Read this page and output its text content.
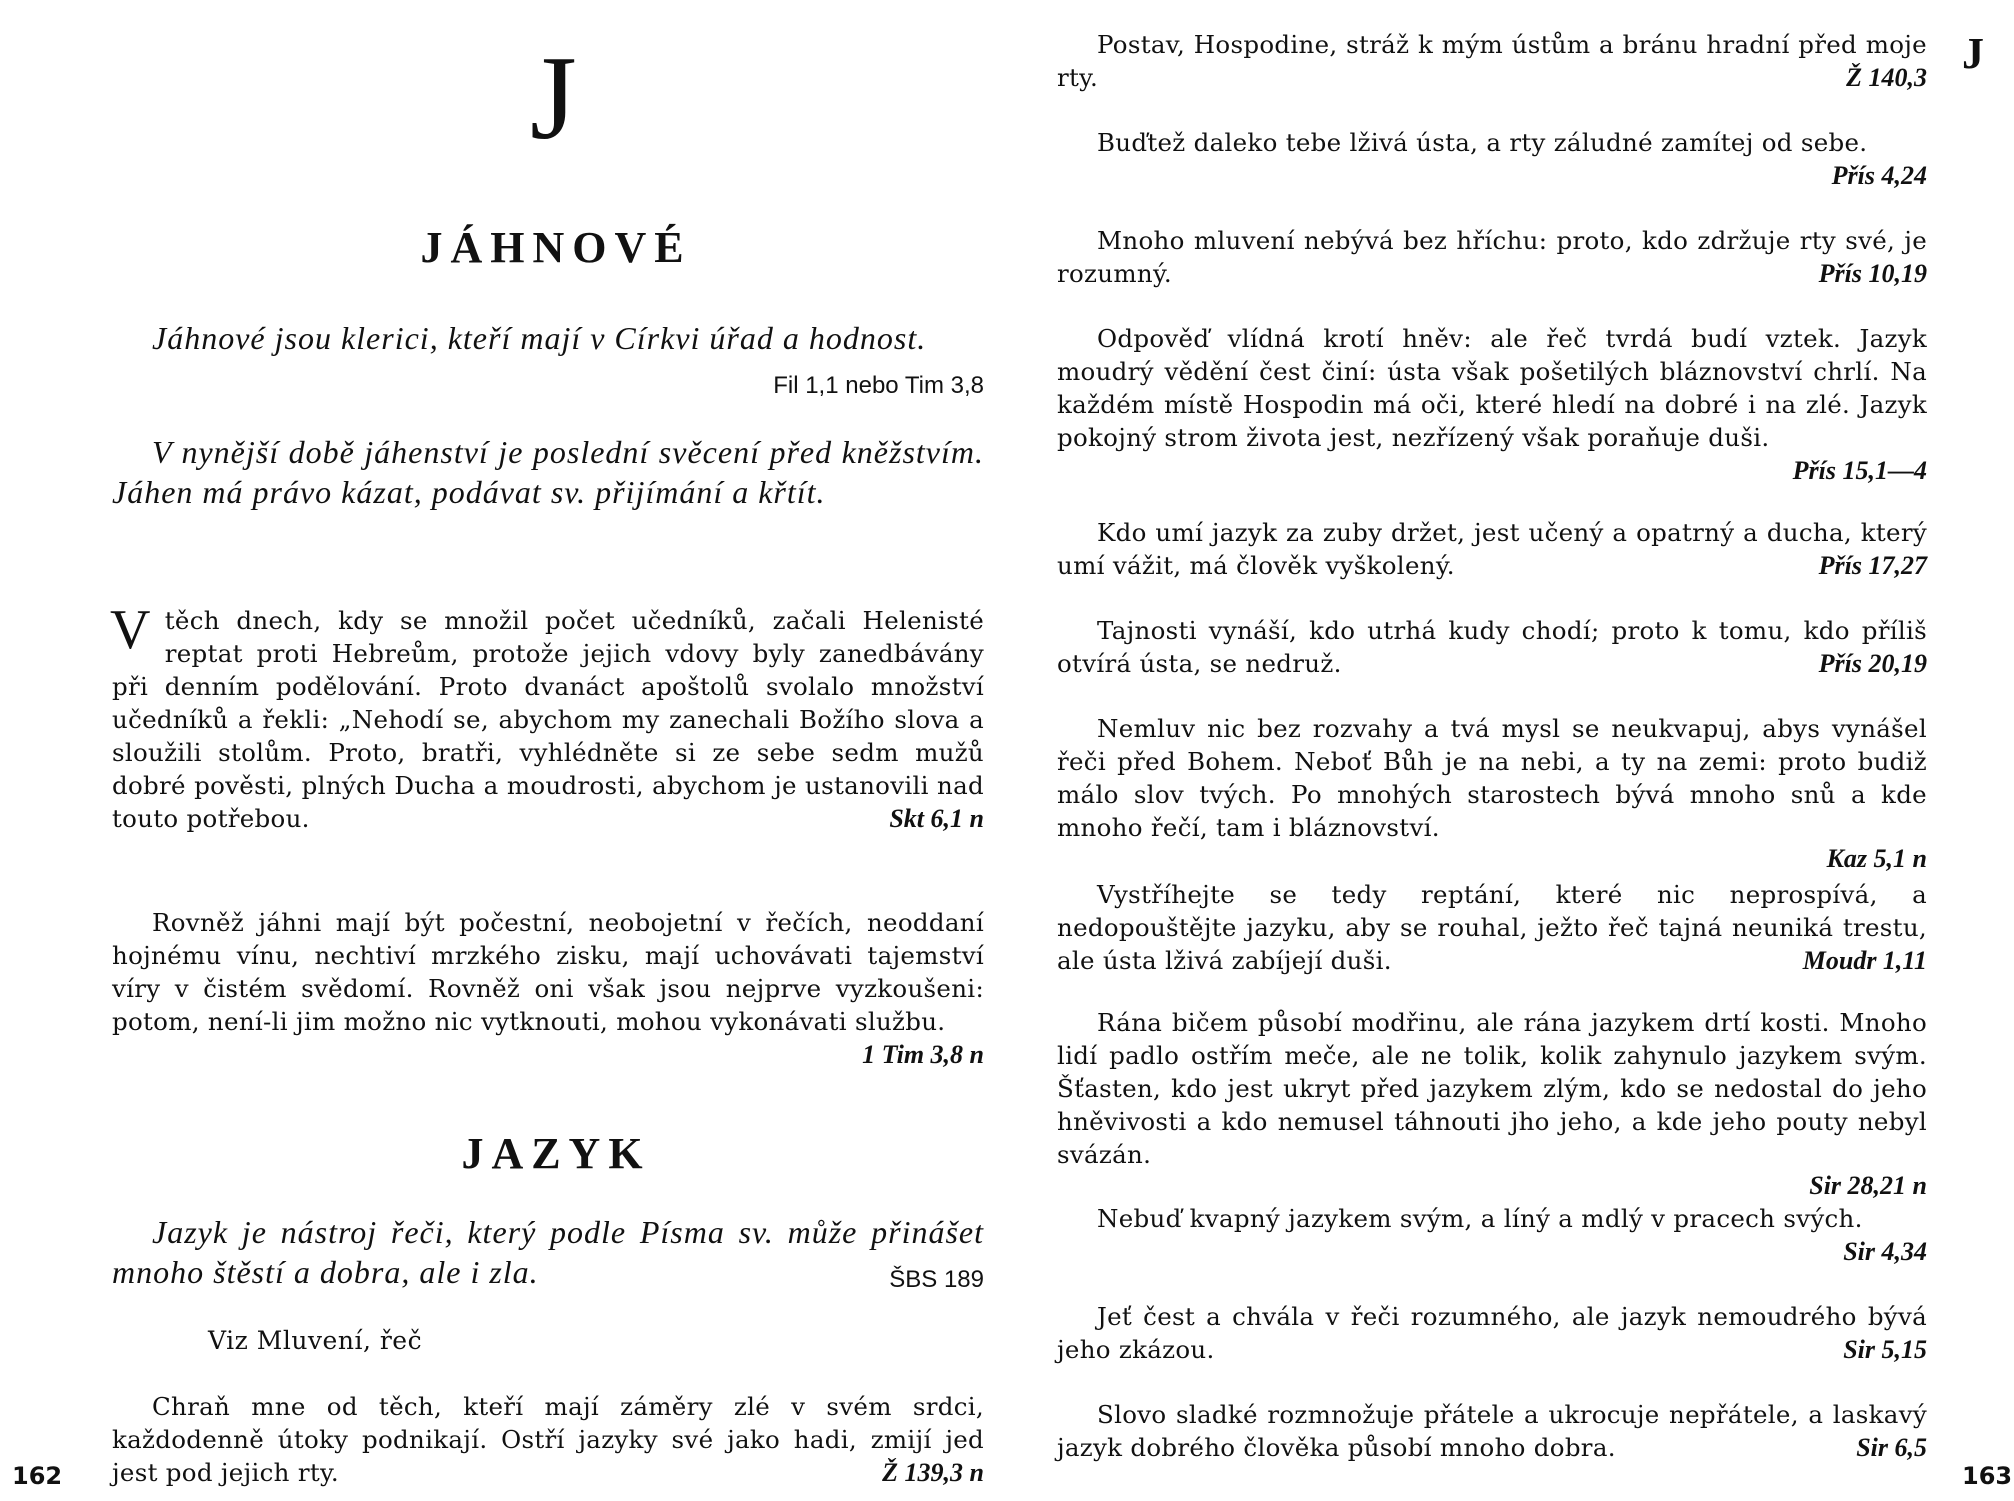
J
JÁHNOVÉ

Jáhnové jsou klerici, kteří mají v Církvi úřad a hodnost.
Fil 1,1 nebo Tim 3,8

V nynější době jáhenství je poslední svěcení před kněžstvím. Jáhen má právo kázat, podávat sv. přijímání a křtít.

V těch dnech, kdy se množil počet učedníků, začali Helenisté reptat proti Hebreům, protože jejich vdovy byly zanedbávány při denním podělování. Proto dvanáct apoštolů svolalo množství učedníků a řekli: „Nehodí se, abychom my zanechali Božího slova a sloužili stolům. Proto, bratři, vyhlédněte si ze sebe sedm mužů dobré pověsti, plných Ducha a moudrosti, abychom je ustanovili nad touto potřebou.	Skt 6,1 n

Rovněž jáhni mají být počestní, neobojetní v řečích, neoddaní hojnému vínu, nechtiví mrzkého zisku, mají uchovávati tajemství víry v čistém svědomí. Rovněž oni však jsou nejprve vyzkoušeni: potom, není-li jim možno nic vytknouti, mohou vykonávati službu.
1 Tim 3,8 n

JAZYK

Jazyk je nástroj řeči, který podle Písma sv. může přinášet mnoho štěstí a dobra, ale i zla.	ŠBS 189

Viz Mluvení, řeč

Chraň mne od těch, kteří mají záměry zlé v svém srdci, každodenně útoky podnikají. Ostří jazyky své jako hadi, zmijí jed jest pod jejich rty.	Ž 139,3 n

162
J

Postav, Hospodine, stráž k mým ústům a bránu hradní před moje rty.	Ž 140,3

Buďtež daleko tebe lživá ústa, a rty záludné zamítej od sebe.
Přís 4,24

Mnoho mluvení nebývá bez hříchu: proto, kdo zdržuje rty své, je rozumný.	Přís 10,19

Odpověď vlídná krotí hněv: ale řeč tvrdá budí vztek. Jazyk moudrý vědění čest činí: ústa však pošetilých bláznovství chrlí. Na každém místě Hospodin má oči, které hledí na dobré i na zlé. Jazyk pokojný strom života jest, nezřízený však poraňuje duši.
Přís 15,1—4

Kdo umí jazyk za zuby držet, jest učený a opatrný a ducha, který umí vážit, má člověk vyškolený.	Přís 17,27

Tajnosti vynáší, kdo utrhá kudy chodí; proto k tomu, kdo příliš otvírá ústa, se nedruž.	Přís 20,19

Nemluv nic bez rozvahy a tvá mysl se neukvapuj, abys vynášel řeči před Bohem. Neboť Bůh je na nebi, a ty na zemi: proto budiž málo slov tvých. Po mnohých starostech bývá mnoho snů a kde mnoho řečí, tam i bláznovství.

Kaz 5,1 n

Vystříhejte se tedy reptání, které nic neprospívá, a nedopouštějte jazyku, aby se rouhal, ježto řeč tajná neuniká trestu, ale ústa lživá zabíjejí duši.	Moudr 1,11

Rána bičem působí modřinu, ale rána jazykem drtí kosti. Mnoho lidí padlo ostřím meče, ale ne tolik, kolik zahynulo jazykem svým. Šťasten, kdo jest ukryt před jazykem zlým, kdo se nedostal do jeho hněvivosti a kdo nemusel táhnouti jho jeho, a kde jeho pouty nebyl svázán.

Sir 28,21 n

Nebuď kvapný jazykem svým, a líný a mdlý v pracech svých.
Sir 4,34

Jeť čest a chvála v řeči rozumného, ale jazyk nemoudrého bývá jeho zkázou.	Sir 5,15

Slovo sladké rozmnožuje přátele a ukrocuje nepřátele, a laskavý jazyk dobrého člověka působí mnoho dobra.	Sir 6,5

163
